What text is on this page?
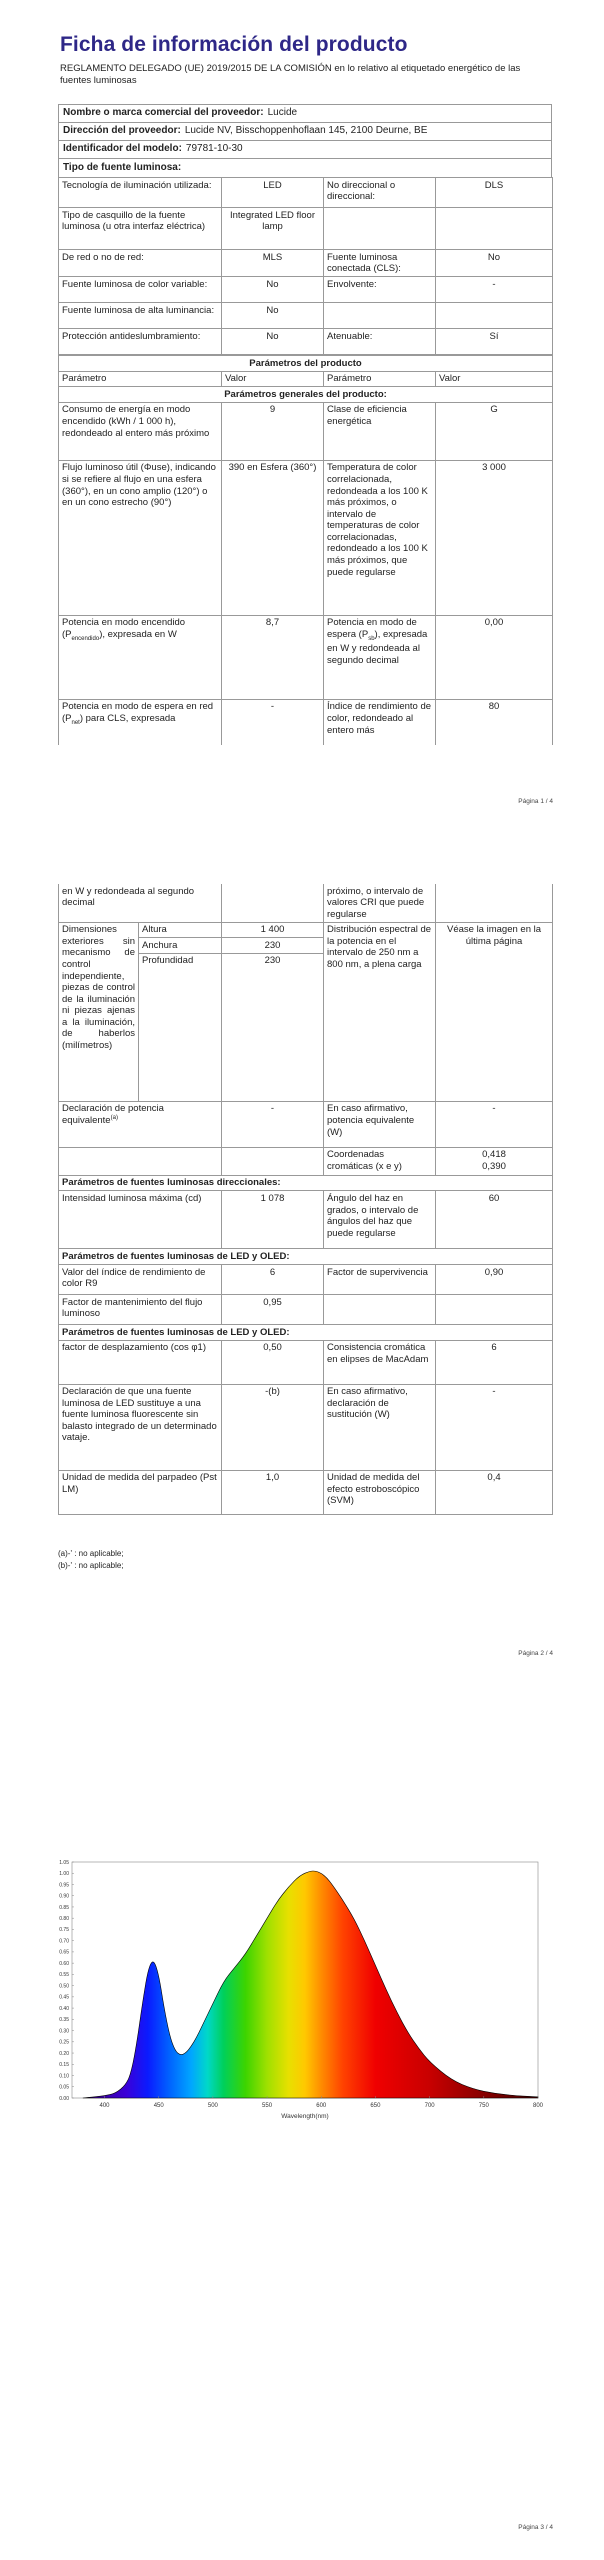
Ficha de información del producto
REGLAMENTO DELEGADO (UE) 2019/2015 DE LA COMISIÓN en lo relativo al etiquetado energético de las fuentes luminosas
Nombre o marca comercial del proveedor: Lucide
Dirección del proveedor: Lucide NV, Bisschoppenhoflaan 145, 2100 Deurne, BE
Identificador del modelo: 79781-10-30
Tipo de fuente luminosa:
Tecnología de iluminación utilizada:	LED	No direccional o direccional:	DLS
Tipo de casquillo de la fuente luminosa (u otra interfaz eléctrica)	Integrated LED floor lamp		
De red o no de red:	MLS	Fuente luminosa conectada (CLS):	No
Fuente luminosa de color variable:	No	Envolvente:	-
Fuente luminosa de alta luminancia:	No		
Protección antideslumbramiento:	No	Atenuable:	Sí
Parámetros del producto			
Parámetro	Valor	Parámetro	Valor
Parámetros generales del producto:			
Consumo de energía en modo encendido (kWh / 1 000 h), redondeado al entero más próximo	9	Clase de eficiencia energética	G
Flujo luminoso útil (Φuse), indicando si se refiere al flujo en una esfera (360°), en un cono amplio (120°) o en un cono estrecho (90°)	390 en Esfera (360°)	Temperatura de color correlacionada, redondeada a los 100 K más próximos, o intervalo de temperaturas de color correlacionadas, redondeado a los 100 K más próximos, que puede regularse	3 000
Potencia en modo encendido $(P_{encendido})$, expresada en W	8,7	Potencia en modo de espera $(P_{sb})$, expresada en W y redondeada al segundo decimal	0,00
Potencia en modo de espera en red $(P_{net})$ para CLS, expresada	-	Índice de rendimiento de color, redondeado al entero más	80
Página 1 / 4
en W y redondeada al segundo decimal			próximo, o intervalo de valores CRI que puede regularse	
Dimensiones exteriores sin mecanismo de control independiente, piezas de control de la iluminación ni piezas ajenas a la iluminación, de haberlos (milímetros)	Altura	1 400	Distribución espectral de la potencia en el intervalo de 250 nm a 800 nm, a plena carga	Véase la imagen en la última página
	Anchura	230		
	Profundidad	230		
Declaración de potencia equivalente$^{(a)}$		-	En caso afirmativo, potencia equivalente (W)	-
			Coordenadas cromáticas (x e y)	0,418
0,390

Parámetros de fuentes luminosas direccionales:				
Intensidad luminosa máxima (cd)		1 078	Ángulo del haz en grados, o intervalo de ángulos del haz que puede regularse	60
Parámetros de fuentes luminosas de LED y OLED:				
Valor del índice de rendimiento de color R9		6	Factor de supervivencia	0,90
Factor de mantenimiento del flujo luminoso		0,95		
Parámetros de fuentes luminosas de LED y OLED:				
factor de desplazamiento (cos φ1)		0,50	Consistencia cromática en elipses de MacAdam	6
Declaración de que una fuente luminosa de LED sustituye a una fuente luminosa fluorescente sin balasto integrado de un determinado vataje.		-(b)	En caso afirmativo, declaración de sustitución (W)	-
Unidad de medida del parpadeo (Pst LM)		1,0	Unidad de medida del efecto estroboscópico (SVM)	0,4
(a)-' : no aplicable;
(b)-' : no aplicable;
Página 2 / 4
0.00
0.05
0.10
0.15
0.20
0.25
0.30
0.35
0.40
0.45
0.50
0.55
0.60
0.65
0.70
0.75
0.80
0.85
0.90
0.95
1.00
1.05
400	450	500	550	600	650	700	750	800
Wavelength(nm)
Página 3 / 4
